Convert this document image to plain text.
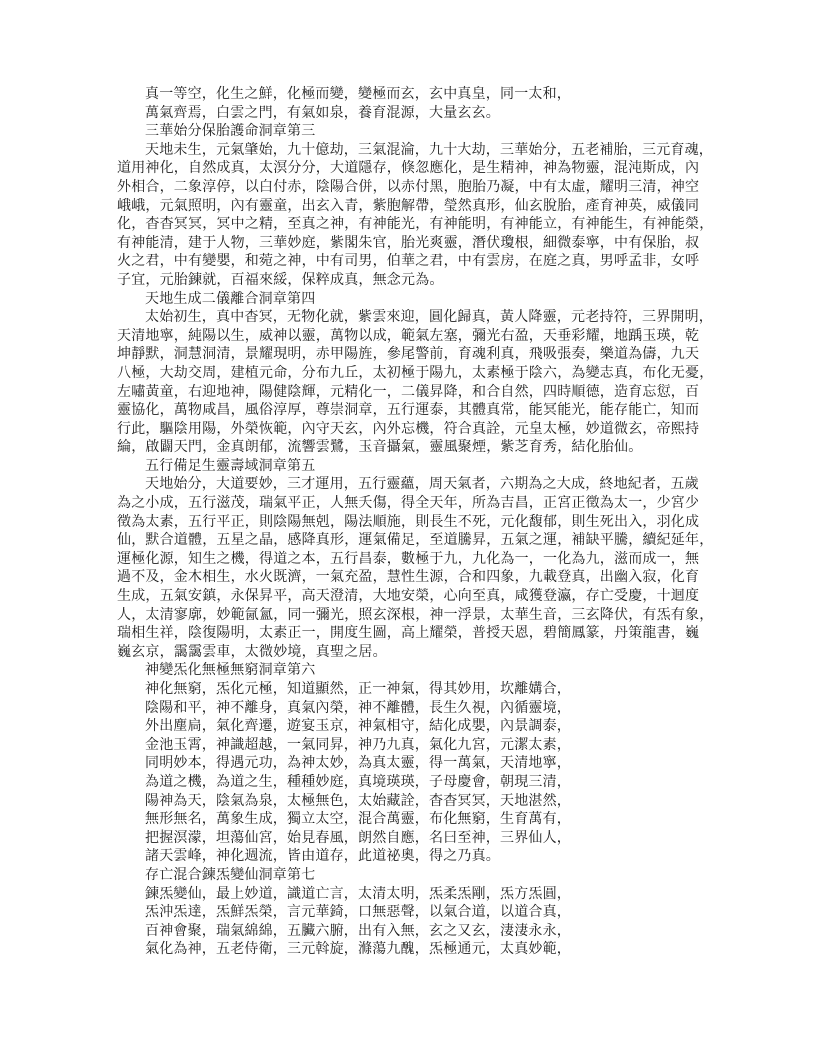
真一等空，化生之鮮，化極而變，變極而玄，玄中真皇，同一太和，
萬氣齊焉，白雲之門，有氣如泉，養育混源，大量玄玄。
三華始分保胎護命洞章第三
天地未生，元氣肇始，九十億劫，三氣混淪，九十大劫，三華始分，五老補胎，三元育魂，
道用神化，自然成真，太溟分分，大道隱存，倏忽應化，是生精神，神為物靈，混沌斯成，內
外相合，二象淳停，以白付赤，陰陽合併，以赤付黑，胞胎乃凝，中有太虛，耀明三清，神空
峨峨，元氣照明，內有靈童，出玄入青，紫胞解帶，瑩然真形，仙玄脫胎，產育神英，威儀同
化，杳杳冥冥，冥中之精，至真之神，有神能光，有神能明，有神能立，有神能生，有神能榮，
有神能清，建于人物，三華妙庭，紫閣朱官，胎光爽靈，潛伏瓊根，細微泰寧，中有保胎，叔
火之君，中有變嬰，和菀之神，中有司男，伯華之君，中有雲房，在庭之真，男呼孟非，女呼
子宜，元胎鍊就，百福來綏，保粹成真，無念元為。
天地生成二儀離合洞章第四
太始初生，真中杳冥，无物化就，紫雲來迎，圓化歸真，黃人降靈，元老持符，三界開明，
天清地寧，純陽以生，威神以靈，萬物以成，範氣左塞，彌光右盈，天垂彩耀，地踽玉瑛，乾
坤靜默，洞慧洞清，景耀現明，赤甲陽旌，參尾警前，育魂利真，飛吸張奏，樂道為儔，九天
八極，大劫交周，建植元命，分布九丘，太初極于陽九，太素極于陰六，為變志真，布化无憂，
左嘯黃童，右迎地神，陽健陰輝，元精化一，二儀昇降，和合自然，四時順德，造育忘愆，百
靈協化，萬物咸昌，風俗淳厚，尊崇洞章，五行運泰，其體真常，能冥能光，能存能亡，知而
行此，驅陰用陽，外榮恢範，內守天玄，內外忘機，符合真詮，元皇太極，妙道微玄，帝熙持
綸，啟闢天門，金真朗郁，流響雲鷺，玉音攝氣，靈風聚煙，紫芝育秀，結化胎仙。
五行備足生靈壽域洞章第五
天地始分，大道要妙，三才運用，五行靈蘊，周天氣者，六期為之大成，終地紀者，五歲
為之小成，五行滋茂，瑞氣平正，人無夭傷，得全天年，所為吉昌，正宮正徵為太一，少宮少
徵為太素，五行平正，則陰陽無剋，陽法順施，則長生不死，元化馥郁，則生死出入，羽化成
仙，默合道體，五星之晶，感降真形，運氣備足，至道騰昇，五氣之運，補缺平騰，續紀延年，
運極化源，知生之機，得道之本，五行昌泰，數極于九，九化為一，一化為九，滋而成一，無
過不及，金木相生，水火既濟，一氣充盈，慧性生源，合和四象，九載登真，出幽入寂，化育
生成，五氣安鎮，永保昇平，高天澄清，大地安榮，心向至真，咸獲登瀛，存亡受慶，十迴度
人，太清寥廓，妙範氤氳，同一彌光，照玄深根，神一浮景，太華生音，三玄降伏，有炁有象，
瑞相生祥，陰復陽明，太素正一，開度生圖，高上耀榮，普授天恩，碧簡鳳篆，丹策龍書，巍
巍玄京，靄靄雲車，太微妙境，真聖之居。
神變炁化無極無窮洞章第六
神化無窮，炁化元極，知道顯然，正一神氣，得其妙用，坎離媾合，
陰陽和平，神不離身，真氣內榮，神不離體，長生久視，內循靈境，
外出塵扃，氣化齊遷，遊宴玉京，神氣相守，結化成嬰，內景調泰，
金池玉霄，神識超越，一氣同昇，神乃九真，氣化九宮，元潔太素，
同明妙本，得遇元功，為神太妙，為真太靈，得一萬氣，天清地寧，
為道之機，為道之生，種種妙庭，真境瑛瑛，子母慶會，朝現三清，
陽神為天，陰氣為泉，太極無色，太始藏詮，杳杳冥冥，天地湛然，
無形無名，萬象生成，獨立太空，混合萬靈，布化無窮，生育萬有，
把握溟濛，坦蕩仙宮，始見春風，朗然自應，名曰至神，三界仙人，
諸天雲峰，神化週流，皆由道存，此道祕奧，得之乃真。
存亡混合鍊炁變仙洞章第七
鍊炁變仙，最上妙道，識道亡言，太清太明，炁柔炁剛，炁方炁圓，
炁沖炁達，炁鮮炁榮，言元華錡，口無惡聲，以氣合道，以道合真，
百神會聚，瑞氣綿綿，五臟六腑，出有入無，玄之又玄，淒淒永永，
氣化為神，五老侍衛，三元斡旋，滌蕩九醜，炁極通元，太真妙範，
